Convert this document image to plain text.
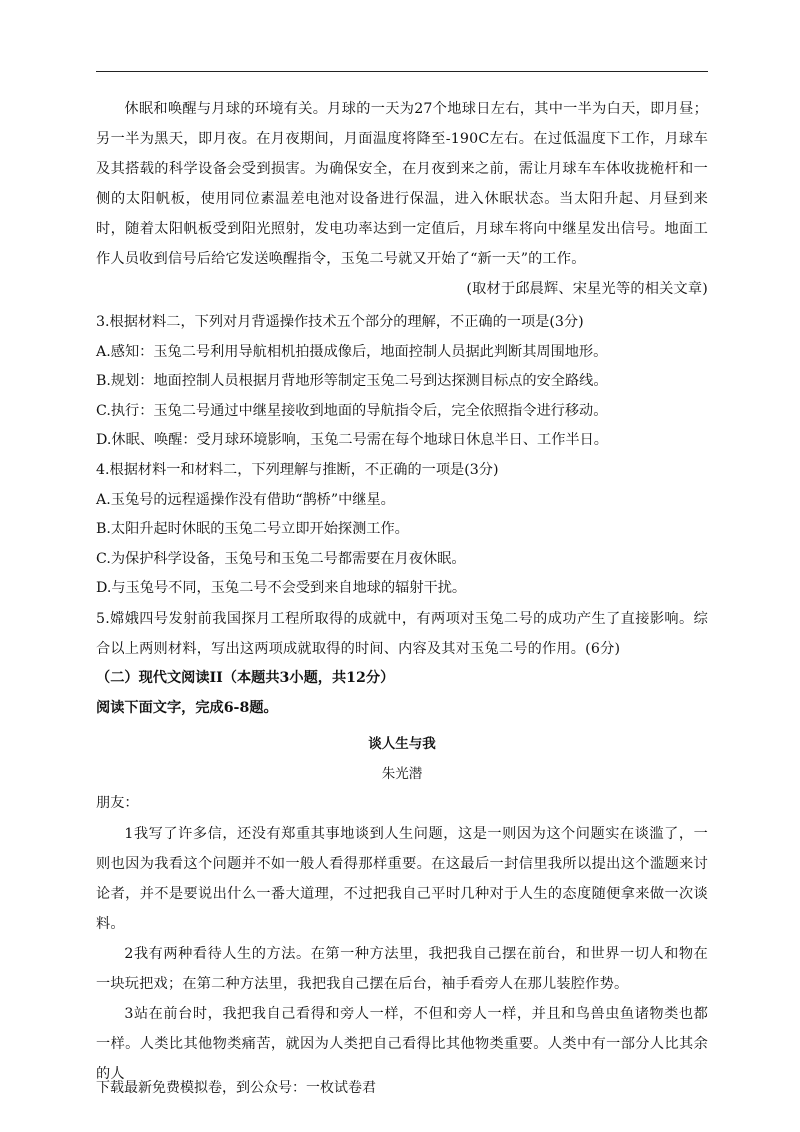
休眠和唤醒与月球的环境有关。月球的一天为27个地球日左右，其中一半为白天，即月昼；另一半为黑天，即月夜。在月夜期间，月面温度将降至-190C左右。在过低温度下工作，月球车及其搭载的科学设备会受到损害。为确保安全，在月夜到来之前，需让月球车车体收拢桅杆和一侧的太阳帆板，使用同位素温差电池对设备进行保温，进入休眠状态。当太阳升起、月昼到来时，随着太阳帆板受到阳光照射，发电功率达到一定值后，月球车将向中继星发出信号。地面工作人员收到信号后给它发送唤醒指令，玉兔二号就又开始了“新一天”的工作。

(取材于邱晨辉、宋星光等的相关文章)

3.根据材料二，下列对月背遥操作技术五个部分的理解，不正确的一项是(3分)

A.感知：玉兔二号利用导航相机拍摄成像后，地面控制人员据此判断其周围地形。

B.规划：地面控制人员根据月背地形等制定玉兔二号到达探测目标点的安全路线。

C.执行：玉兔二号通过中继星接收到地面的导航指令后，完全依照指令进行移动。

D.休眠、唤醒：受月球环境影响，玉兔二号需在每个地球日休息半日、工作半日。

4.根据材料一和材料二，下列理解与推断，不正确的一项是(3分)

A.玉兔号的远程遥操作没有借助“鹊桥”中继星。

B.太阳升起时休眠的玉兔二号立即开始探测工作。

C.为保护科学设备，玉兔号和玉兔二号都需要在月夜休眠。

D.与玉兔号不同，玉兔二号不会受到来自地球的辐射干扰。

5.嫦娥四号发射前我国探月工程所取得的成就中，有两项对玉兔二号的成功产生了直接影响。综合以上两则材料，写出这两项成就取得的时间、内容及其对玉兔二号的作用。(6分)

（二）现代文阅读II（本题共3小题，共12分）

阅读下面文字，完成6-8题。

谈人生与我

朱光潜

朋友：

1我写了许多信，还没有郑重其事地谈到人生问题，这是一则因为这个问题实在谈滥了，一则也因为我看这个问题并不如一般人看得那样重要。在这最后一封信里我所以提出这个滥题来讨论者，并不是要说出什么一番大道理，不过把我自己平时几种对于人生的态度随便拿来做一次谈料。

2我有两种看待人生的方法。在第一种方法里，我把我自己摆在前台，和世界一切人和物在一块玩把戏；在第二种方法里，我把我自己摆在后台，袖手看旁人在那儿装腔作势。

3站在前台时，我把我自己看得和旁人一样，不但和旁人一样，并且和鸟兽虫鱼诸物类也都一样。人类比其他物类痛苦，就因为人类把自己看得比其他物类重要。人类中有一部分人比其余的人

下载最新免费模拟卷，到公众号：一枚试卷君
